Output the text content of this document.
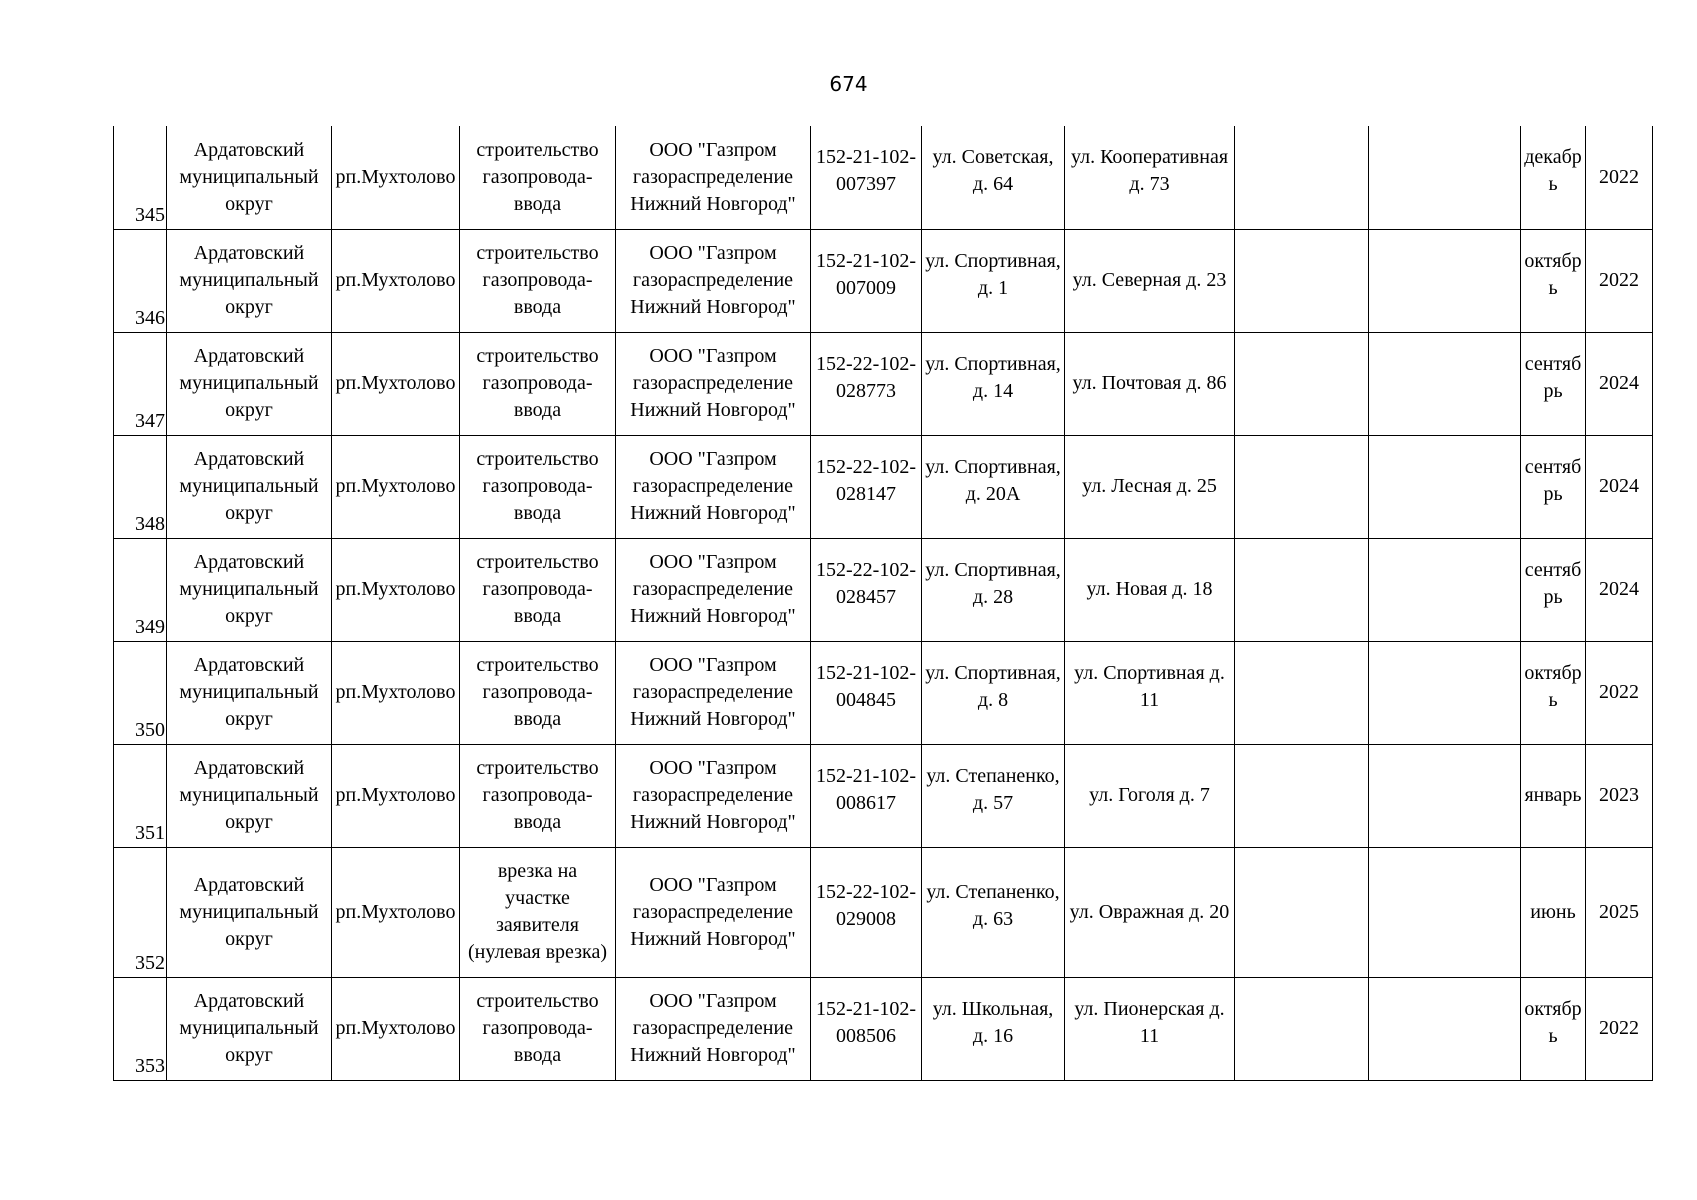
674
345	Ардатовский
муниципальный
округ	рп.Мухтолово	строительство
газопровода-
ввода	ООО "Газпром
газораспределение
Нижний Новгород"	152-21-102-
007397	ул. Советская,
д. 64	ул. Кооперативная
д. 73			декабр
ь	2022

346	Ардатовский
муниципальный
округ	рп.Мухтолово	строительство
газопровода-
ввода	ООО "Газпром
газораспределение
Нижний Новгород"	152-21-102-
007009	ул. Спортивная,
д. 1	ул. Северная д. 23			октябр
ь	2022

347	Ардатовский
муниципальный
округ	рп.Мухтолово	строительство
газопровода-
ввода	ООО "Газпром
газораспределение
Нижний Новгород"	152-22-102-
028773	ул. Спортивная,
д. 14	ул. Почтовая д. 86			сентяб
рь	2024

348	Ардатовский
муниципальный
округ	рп.Мухтолово	строительство
газопровода-
ввода	ООО "Газпром
газораспределение
Нижний Новгород"	152-22-102-
028147	ул. Спортивная,
д. 20А	ул. Лесная д. 25			сентяб
рь	2024

349	Ардатовский
муниципальный
округ	рп.Мухтолово	строительство
газопровода-
ввода	ООО "Газпром
газораспределение
Нижний Новгород"	152-22-102-
028457	ул. Спортивная,
д. 28	ул. Новая д. 18			сентяб
рь	2024

350	Ардатовский
муниципальный
округ	рп.Мухтолово	строительство
газопровода-
ввода	ООО "Газпром
газораспределение
Нижний Новгород"	152-21-102-
004845	ул. Спортивная,
д. 8	ул. Спортивная д.
11			октябр
ь	2022

351	Ардатовский
муниципальный
округ	рп.Мухтолово	строительство
газопровода-
ввода	ООО "Газпром
газораспределение
Нижний Новгород"	152-21-102-
008617	ул. Степаненко,
д. 57	ул. Гоголя д. 7			январь	2023

352	Ардатовский
муниципальный
округ	рп.Мухтолово	врезка на
участке
заявителя
(нулевая врезка)	ООО "Газпром
газораспределение
Нижний Новгород"	152-22-102-
029008	ул. Степаненко,
д. 63	ул. Овражная д. 20			июнь	2025

353	Ардатовский
муниципальный
округ	рп.Мухтолово	строительство
газопровода-
ввода	ООО "Газпром
газораспределение
Нижний Новгород"	152-21-102-
008506	ул. Школьная,
д. 16	ул. Пионерская д.
11			октябр
ь	2022
